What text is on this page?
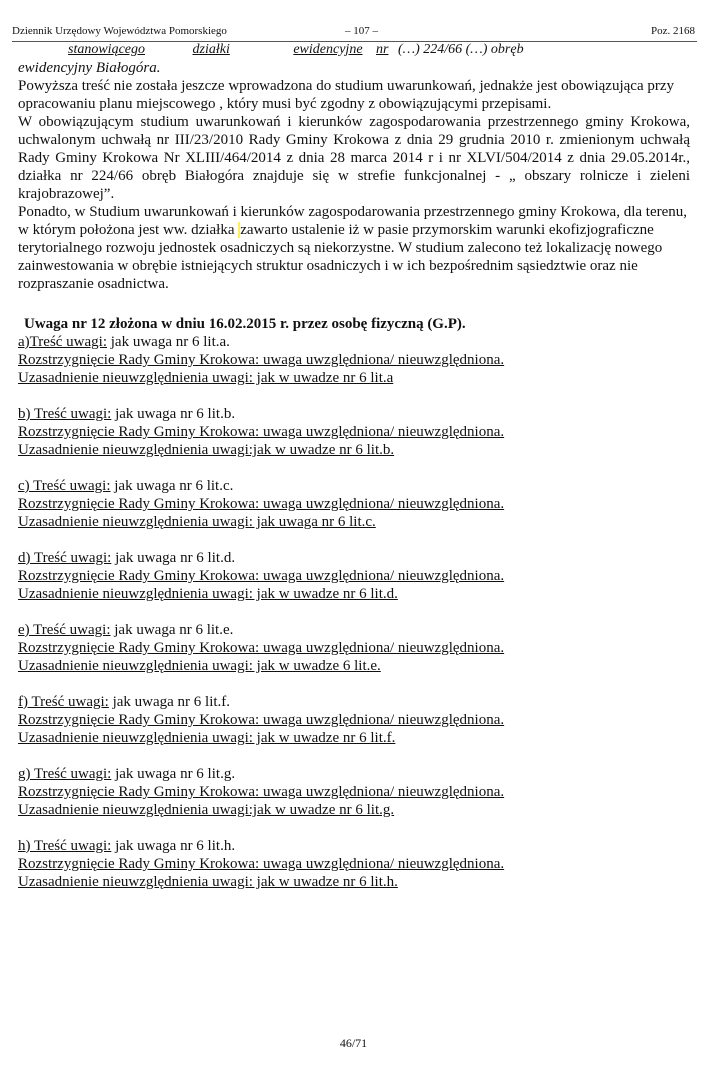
Dziennik Urzędowy Województwa Pomorskiego	– 107 –	Poz. 2168
stanowiącego	działki	ewidencyjne nr (…) 224/66 (…) obręb

ewidencyjny Białogóra.

Powyższa treść nie została jeszcze wprowadzona do studium uwarunkowań, jednakże jest obowiązująca przy opracowaniu planu miejscowego , który musi być zgodny z obowiązującymi przepisami.

W obowiązującym studium uwarunkowań i kierunków zagospodarowania przestrzennego gminy Krokowa, uchwalonym uchwałą nr III/23/2010 Rady Gminy Krokowa z dnia 29 grudnia 2010 r. zmienionym uchwałą Rady Gminy Krokowa Nr XLIII/464/2014 z dnia 28 marca 2014 r i nr XLVI/504/2014 z dnia 29.05.2014r., działka nr 224/66 obręb Białogóra znajduje się w strefie funkcjonalnej - „ obszary rolnicze i zieleni krajobrazowej”.

Ponadto, w Studium uwarunkowań i kierunków zagospodarowania przestrzennego gminy Krokowa, dla terenu, w którym położona jest ww. działka zawarto ustalenie iż w pasie przymorskim warunki ekofizjograficzne terytorialnego rozwoju jednostek osadniczych są niekorzystne. W studium zalecono też lokalizację nowego zainwestowania w obrębie istniejących struktur osadniczych i w ich bezpośrednim sąsiedztwie oraz nie rozpraszanie osadnictwa.

Uwaga nr 12 złożona w dniu 16.02.2015 r. przez osobę fizyczną (G.P).

a)Treść uwagi: jak uwaga nr 6 lit.a.

Rozstrzygnięcie Rady Gminy Krokowa: uwaga uwzględniona/ nieuwzględniona.

Uzasadnienie nieuwzględnienia uwagi: jak w uwadze nr 6 lit.a

b) Treść uwagi: jak uwaga nr 6 lit.b.

Rozstrzygnięcie Rady Gminy Krokowa: uwaga uwzględniona/ nieuwzględniona.

Uzasadnienie nieuwzględnienia uwagi:jak w uwadze nr 6 lit.b.

c) Treść uwagi: jak uwaga nr 6 lit.c.

Rozstrzygnięcie Rady Gminy Krokowa: uwaga uwzględniona/ nieuwzględniona.

Uzasadnienie nieuwzględnienia uwagi: jak uwaga nr 6 lit.c.

d) Treść uwagi: jak uwaga nr 6 lit.d.

Rozstrzygnięcie Rady Gminy Krokowa: uwaga uwzględniona/ nieuwzględniona.

Uzasadnienie nieuwzględnienia uwagi: jak w uwadze nr 6 lit.d.

e) Treść uwagi: jak uwaga nr 6 lit.e.

Rozstrzygnięcie Rady Gminy Krokowa: uwaga uwzględniona/ nieuwzględniona.

Uzasadnienie nieuwzględnienia uwagi: jak w uwadze 6 lit.e.

f) Treść uwagi: jak uwaga nr 6 lit.f.

Rozstrzygnięcie Rady Gminy Krokowa: uwaga uwzględniona/ nieuwzględniona.

Uzasadnienie nieuwzględnienia uwagi: jak w uwadze nr 6 lit.f.

g) Treść uwagi: jak uwaga nr 6 lit.g.

Rozstrzygnięcie Rady Gminy Krokowa: uwaga uwzględniona/ nieuwzględniona.

Uzasadnienie nieuwzględnienia uwagi:jak w uwadze nr 6 lit.g.

h) Treść uwagi: jak uwaga nr 6 lit.h.

Rozstrzygnięcie Rady Gminy Krokowa: uwaga uwzględniona/ nieuwzględniona.

Uzasadnienie nieuwzględnienia uwagi: jak w uwadze nr 6 lit.h.

46/71
